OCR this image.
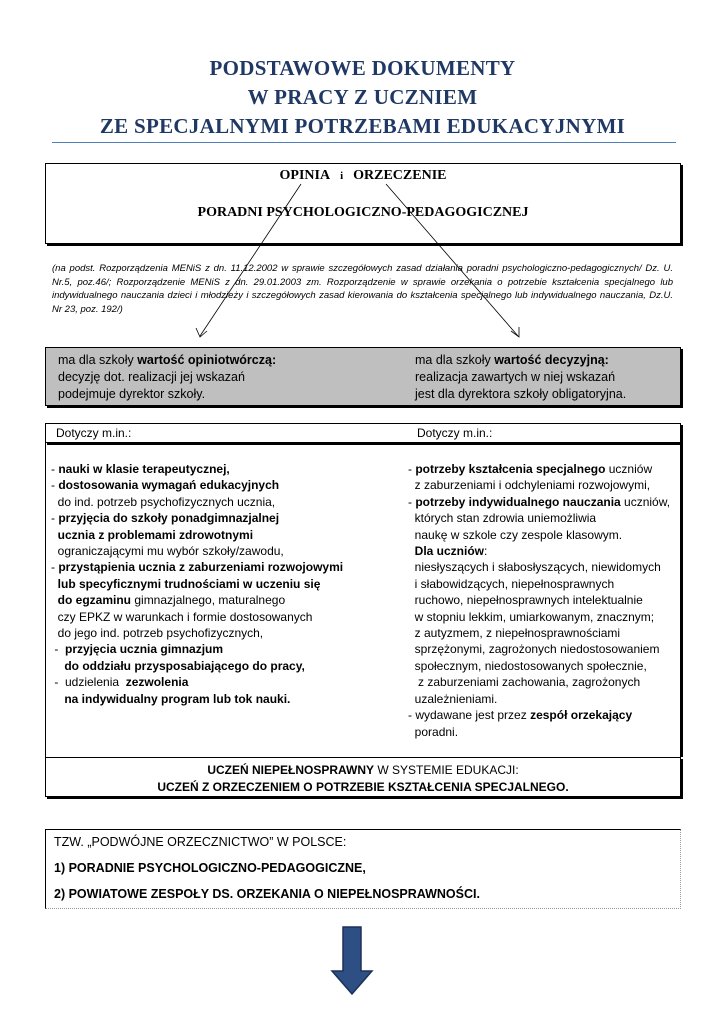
PODSTAWOWE DOKUMENTY
W PRACY Z UCZNIEM
ZE SPECJALNYMI POTRZEBAMI EDUKACYJNYMI
OPINIA i ORZECZENIE
PORADNI PSYCHOLOGICZNO-PEDAGOGICZNEJ
(na podst. Rozporządzenia MENiS z dn. 11.12.2002 w sprawie szczegółowych zasad działania poradni psychologiczno-pedagogicznych/ Dz. U. Nr.5, poz.46/; Rozporządzenie MENiS z dn. 29.01.2003 zm. Rozporządzenie w sprawie orzekania o potrzebie kształcenia specjalnego lub indywidualnego nauczania dzieci i młodzieży i szczegółowych zasad kierowania do kształcenia specjalnego lub indywidualnego nauczania, Dz.U. Nr 23, poz. 192/)
ma dla szkoły wartość opiniotwórczą:
decyzję dot. realizacji jej wskazań
podejmuje dyrektor szkoły.
ma dla szkoły wartość decyzyjną:
realizacja zawartych w niej wskazań
jest dla dyrektora szkoły obligatoryjna.
Dotyczy m.in.:	Dotyczy m.in.:
- nauki w klasie terapeutycznej,
- dostosowania wymagań edukacyjnych
do ind. potrzeb psychofizycznych ucznia,
- przyjęcia do szkoły ponadgimnazjalnej
ucznia z problemami zdrowotnymi
ograniczającymi mu wybór szkoły/zawodu,
- przystąpienia ucznia z zaburzeniami rozwojowymi
lub specyficznymi trudnościami w uczeniu się
do egzaminu gimnazjalnego, maturalnego
czy EPKZ w warunkach i formie dostosowanych
do jego ind. potrzeb psychofizycznych,
-  przyjęcia ucznia gimnazjum
do oddziału przysposabiającego do pracy,
-  udzielenia  zezwolenia
na indywidualny program lub tok nauki.
- potrzeby kształcenia specjalnego uczniów
z zaburzeniami i odchyleniami rozwojowymi,
- potrzeby indywidualnego nauczania uczniów,
których stan zdrowia uniemożliwia
naukę w szkole czy zespole klasowym.
Dla uczniów:
niesłyszących i słabosłyszących, niewidomych
i słabowidzących, niepełnosprawnych
ruchowo, niepełnosprawnych intelektualnie
w stopniu lekkim, umiarkowanym, znacznym;
z autyzmem, z niepełnosprawnościami
sprzężonymi, zagrożonych niedostosowaniem
społecznym, niedostosowanych społecznie,
z zaburzeniami zachowania, zagrożonych
uzależnieniami.
- wydawane jest przez zespół orzekający
poradni.
UCZEŃ NIEPEŁNOSPRAWNY W SYSTEMIE EDUKACJI:
UCZEŃ Z ORZECZENIEM O POTRZEBIE KSZTAŁCENIA SPECJALNEGO.
TZW. „PODWÓJNE ORZECZNICTWO” W POLSCE:
1) PORADNIE PSYCHOLOGICZNO-PEDAGOGICZNE,
2) POWIATOWE ZESPOŁY DS. ORZEKANIA O NIEPEŁNOSPRAWNOŚCI.
